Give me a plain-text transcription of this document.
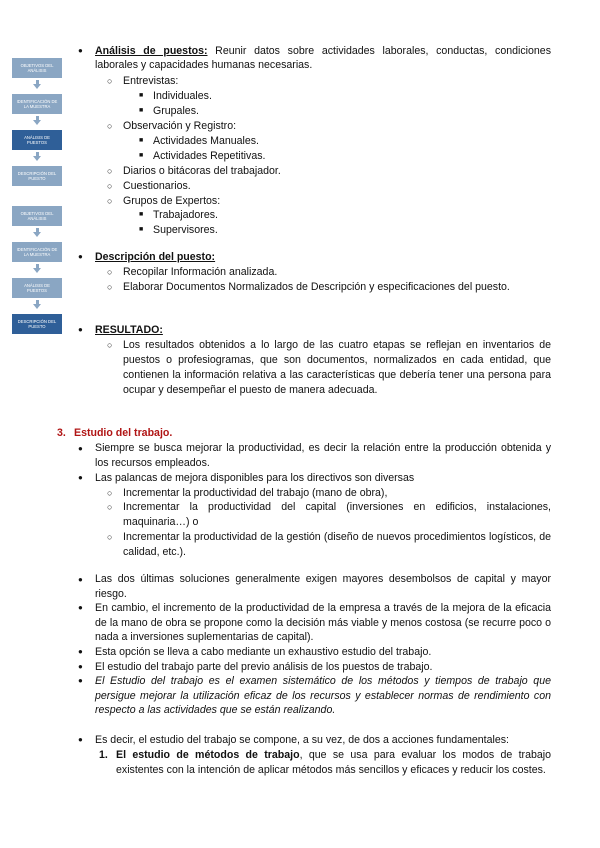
OBJETIVOS DEL ANÁLISIS
IDENTIFICACIÓN DE LA MUESTRA
ANÁLISIS DE PUESTOS
DESCRIPCIÓN DEL PUESTO
OBJETIVOS DEL ANÁLISIS
IDENTIFICACIÓN DE LA MUESTRA
ANÁLISIS DE PUESTOS
DESCRIPCIÓN DEL PUESTO
● Análisis de puestos: Reunir datos sobre actividades laborales, conductas, condiciones laborales y capacidades humanas necesarias.
○ Entrevistas:
■ Individuales.
■ Grupales.
○ Observación y Registro:
■ Actividades Manuales.
■ Actividades Repetitivas.
○ Diarios o bitácoras del trabajador.
○ Cuestionarios.
○ Grupos de Expertos:
■ Trabajadores.
■ Supervisores.
● Descripción del puesto:
○ Recopilar Información analizada.
○ Elaborar Documentos Normalizados de Descripción y especificaciones del puesto.
● RESULTADO:
○ Los resultados obtenidos a lo largo de las cuatro etapas se reflejan en inventarios de puestos o profesiogramas, que son documentos, normalizados en cada entidad, que contienen la información relativa a las características que debería tener una persona para ocupar y desempeñar el puesto de manera adecuada.
3. Estudio del trabajo.
● Siempre se busca mejorar la productividad, es decir la relación entre la producción obtenida y los recursos empleados.
● Las palancas de mejora disponibles para los directivos son diversas
○ Incrementar la productividad del trabajo (mano de obra),
○ Incrementar la productividad del capital (inversiones en edificios, instalaciones, maquinaria…) o
○ Incrementar la productividad de la gestión (diseño de nuevos procedimientos logísticos, de calidad, etc.).
● Las dos últimas soluciones generalmente exigen mayores desembolsos de capital y mayor riesgo.
● En cambio, el incremento de la productividad de la empresa a través de la mejora de la eficacia de la mano de obra se propone como la decisión más viable y menos costosa (se recurre poco o nada a inversiones suplementarias de capital).
● Esta opción se lleva a cabo mediante un exhaustivo estudio del trabajo.
● El estudio del trabajo parte del previo análisis de los puestos de trabajo.
● El Estudio del trabajo es el examen sistemático de los métodos y tiempos de trabajo que persigue mejorar la utilización eficaz de los recursos y establecer normas de rendimiento con respecto a las actividades que se están realizando.
● Es decir, el estudio del trabajo se compone, a su vez, de dos a acciones fundamentales:
1. El estudio de métodos de trabajo, que se usa para evaluar los modos de trabajo existentes con la intención de aplicar métodos más sencillos y eficaces y reducir los costes.
